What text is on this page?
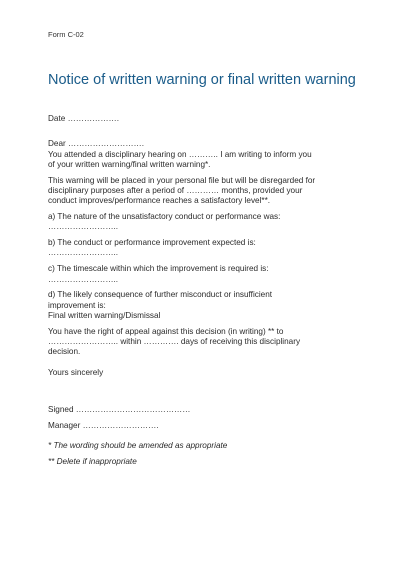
Form C-02
Notice of written warning or final written warning

Date ……………….

Dear ……………………….

You attended a disciplinary hearing on ……….. I am writing to inform you

of your written warning/final written warning*.

This warning will be placed in your personal file but will be disregarded for

disciplinary purposes after a period of ………… months, provided your

conduct improves/performance reaches a satisfactory level**.

a) The nature of the unsatisfactory conduct or performance was:

……………………..

b) The conduct or performance improvement expected is:

……………………..

c) The timescale within which the improvement is required is:

……………………..

d) The likely consequence of further misconduct or insufficient

improvement is:

Final written warning/Dismissal

You have the right of appeal against this decision (in writing) ** to

…………………….. within …………. days of receiving this disciplinary

decision.

Yours sincerely

Signed ……………………………………

Manager ……………………….

* The wording should be amended as appropriate

** Delete if inappropriate
